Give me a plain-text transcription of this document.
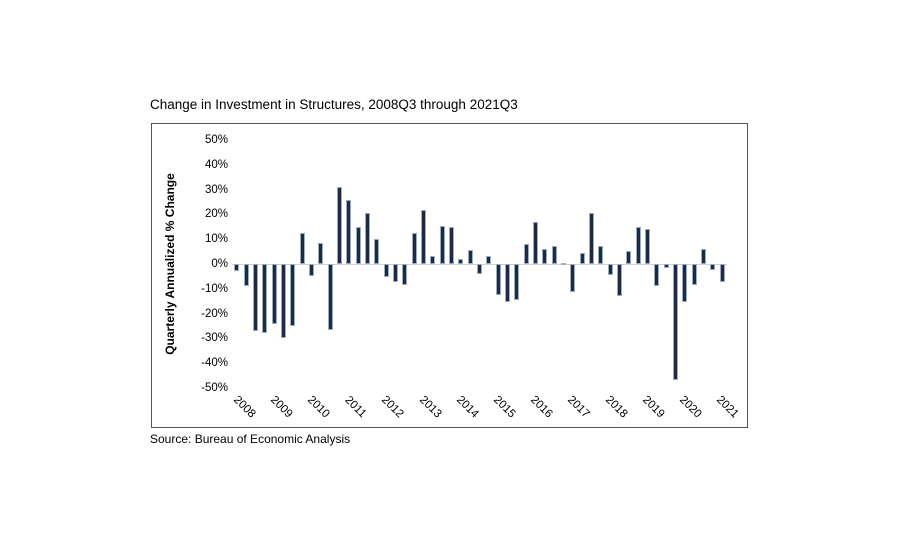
Change in Investment in Structures, 2008Q3 through 2021Q3
Quarterly Annualized % Change
50%
40%
30%
20%
10%
0%
-10%
-20%
-30%
-40%
-50%
2008 2009 2010 2011 2012 2013 2014 2015 2016 2017 2018 2019 2020 2021
Source: Bureau of Economic Analysis
